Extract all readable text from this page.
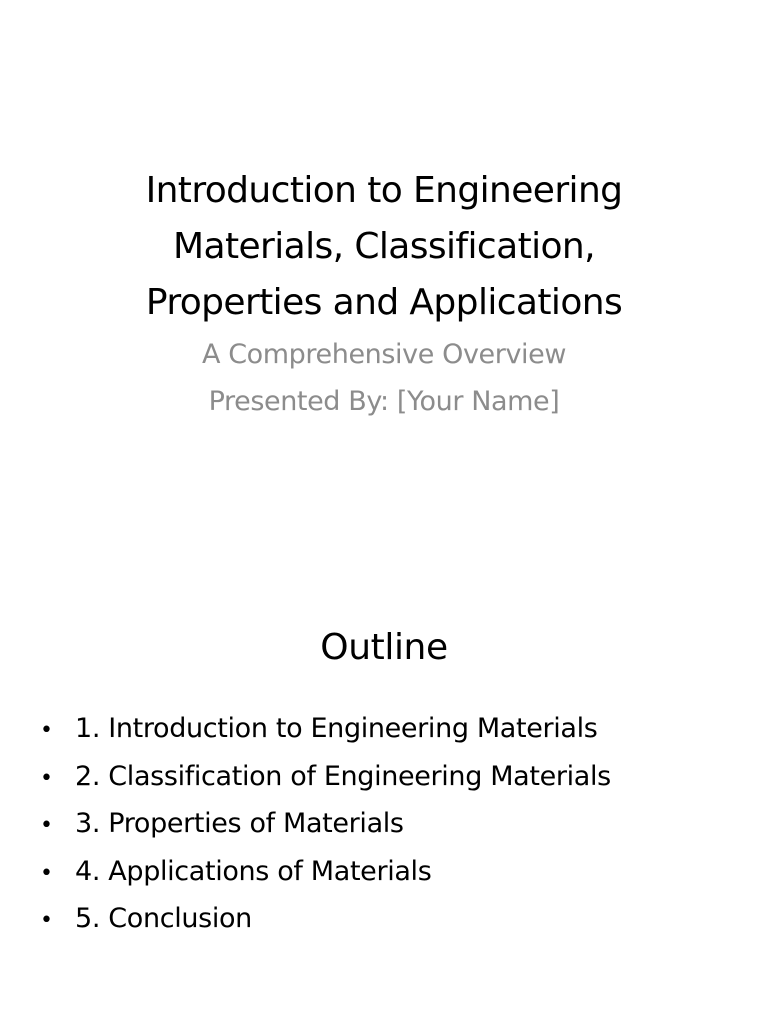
Introduction to Engineering
Materials, Classification,
Properties and Applications
A Comprehensive Overview
Presented By: [Your Name]
Outline
• 1. Introduction to Engineering Materials
• 2. Classification of Engineering Materials
• 3. Properties of Materials
• 4. Applications of Materials
• 5. Conclusion
